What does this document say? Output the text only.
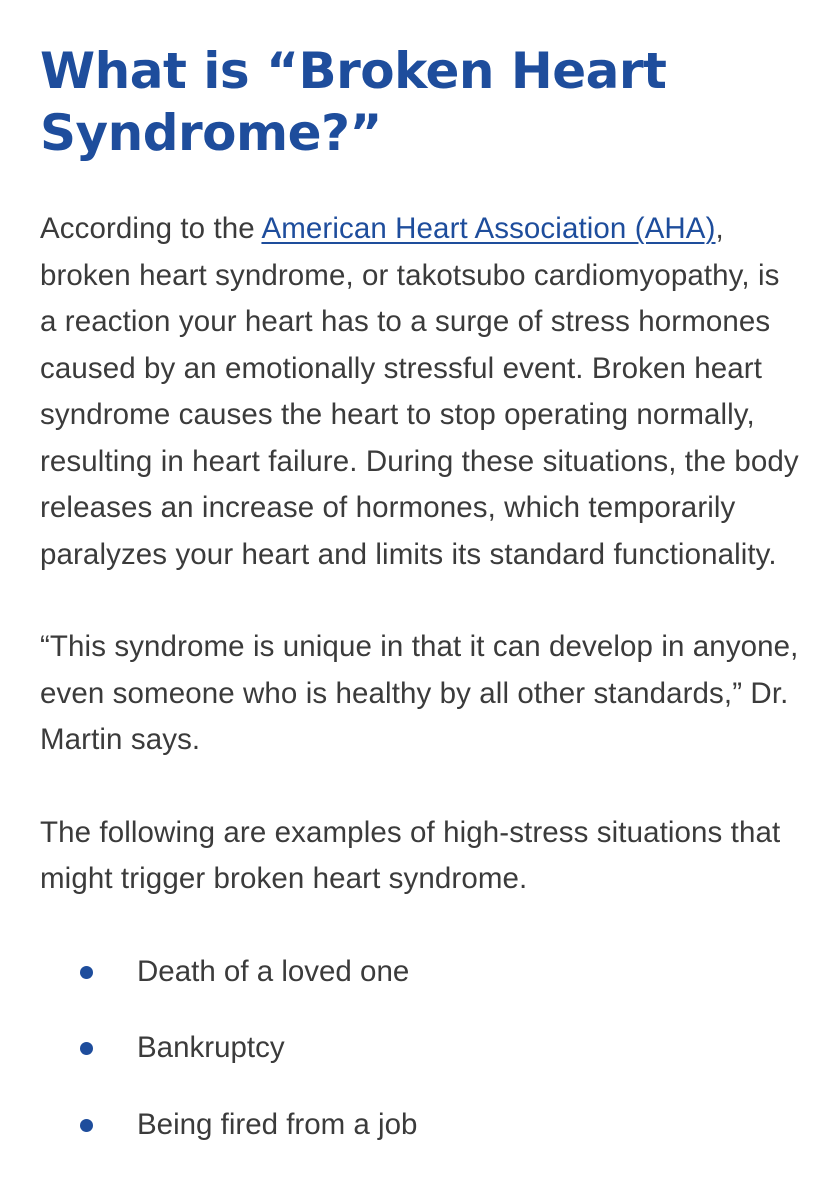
What is “Broken Heart Syndrome?”

According to the American Heart Association (AHA), broken heart syndrome, or takotsubo cardiomyopathy, is a reaction your heart has to a surge of stress hormones caused by an emotionally stressful event. Broken heart syndrome causes the heart to stop operating normally, resulting in heart failure. During these situations, the body releases an increase of hormones, which temporarily paralyzes your heart and limits its standard functionality.

“This syndrome is unique in that it can develop in anyone, even someone who is healthy by all other standards,” Dr. Martin says.

The following are examples of high-stress situations that might trigger broken heart syndrome.

Death of a loved one
Bankruptcy
Being fired from a job
